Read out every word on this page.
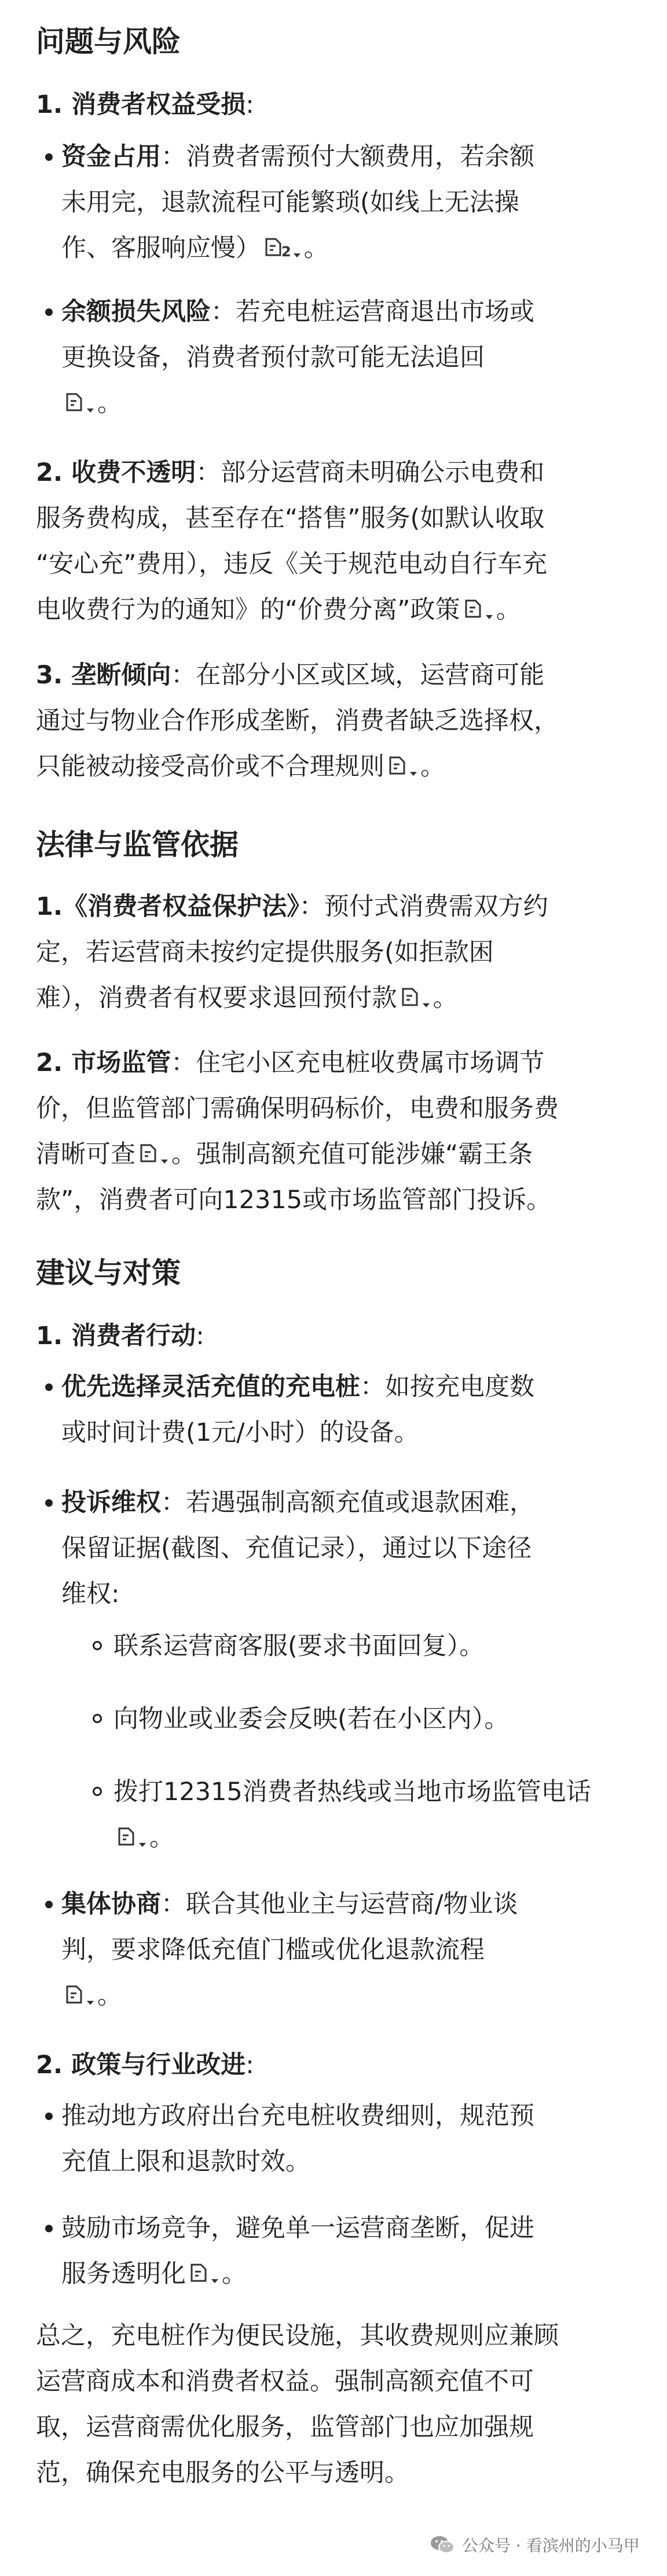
问题与风险

1. 消费者权益受损:

资金占用：消费者需预付大额费用，若余额
未用完，退款流程可能繁琐(如线上无法操
作、客服响应慢） 2 。

余额损失风险：若充电桩运营商退出市场或
更换设备，消费者预付款可能无法追回

。

2. 收费不透明：部分运营商未明确公示电费和
服务费构成，甚至存在“搭售”服务(如默认收取
“安心充”费用），违反《关于规范电动自行车充
电收费行为的通知》的“价费分离”政策 。

3. 垄断倾向：在部分小区或区域，运营商可能
通过与物业合作形成垄断，消费者缺乏选择权，
只能被动接受高价或不合理规则 。

法律与监管依据

1.《消费者权益保护法》：预付式消费需双方约
定，若运营商未按约定提供服务(如拒款困
难），消费者有权要求退回预付款 。

2. 市场监管：住宅小区充电桩收费属市场调节
价，但监管部门需确保明码标价，电费和服务费
清晰可查 。强制高额充值可能涉嫌“霸王条
款”，消费者可向12315或市场监管部门投诉。

建议与对策

1. 消费者行动:

优先选择灵活充值的充电桩：如按充电度数
或时间计费(1元/小时）的设备。

投诉维权：若遇强制高额充值或退款困难，
保留证据(截图、充值记录），通过以下途径
维权:

联系运营商客服(要求书面回复）。

向物业或业委会反映(若在小区内）。

拨打12315消费者热线或当地市场监管电话

。

集体协商：联合其他业主与运营商/物业谈
判，要求降低充值门槛或优化退款流程

。

2. 政策与行业改进:

推动地方政府出台充电桩收费细则，规范预
充值上限和退款时效。

鼓励市场竞争，避免单一运营商垄断，促进
服务透明化 。

总之，充电桩作为便民设施，其收费规则应兼顾
运营商成本和消费者权益。强制高额充值不可
取，运营商需优化服务，监管部门也应加强规
范，确保充电服务的公平与透明。

公众号 · 看滨州的小马甲
